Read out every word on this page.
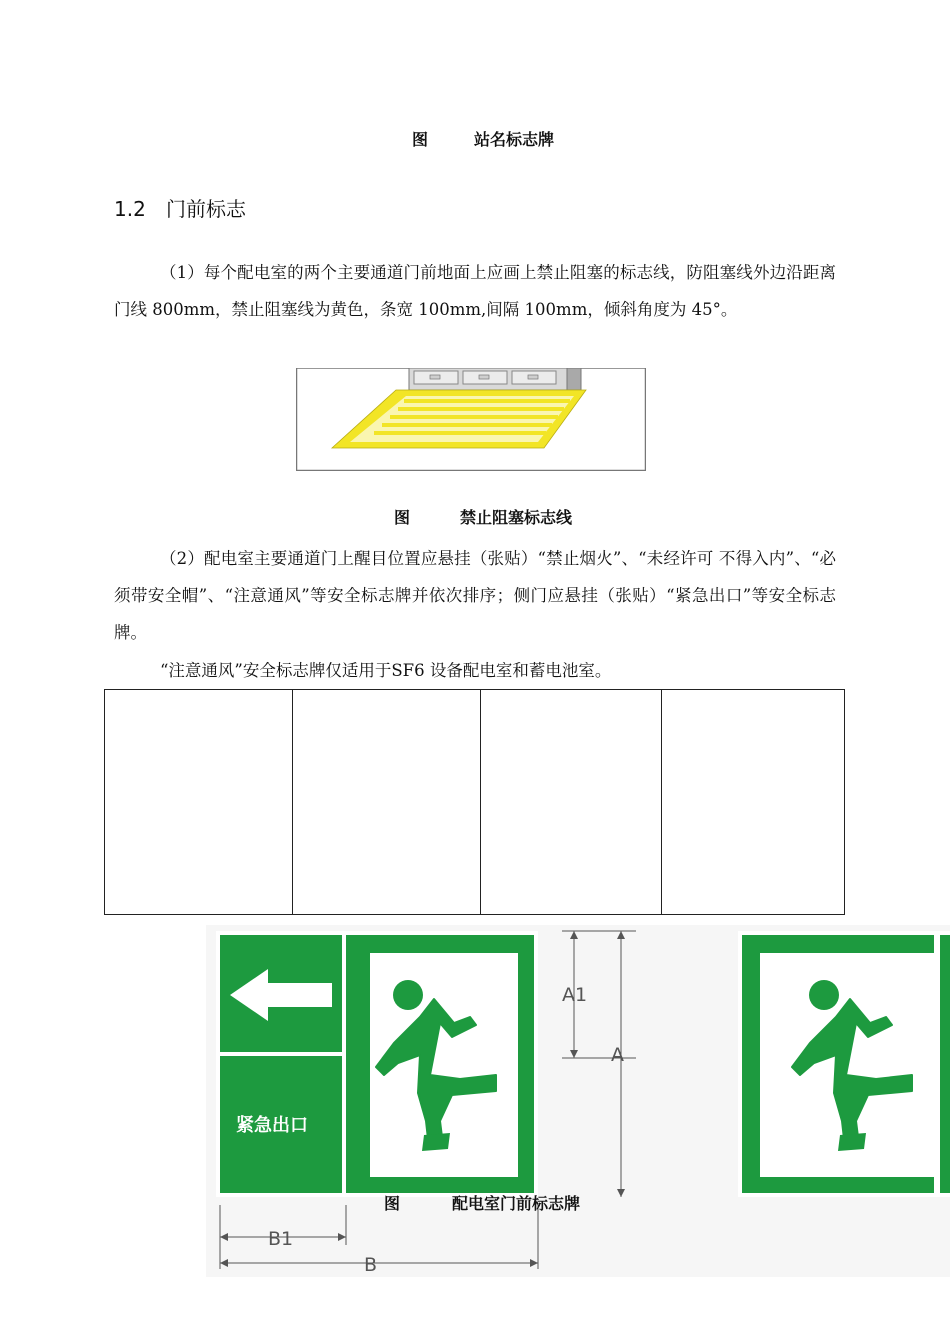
图	站名标志牌
1.2 门前标志

（1）每个配电室的两个主要通道门前地面上应画上禁止阻塞的标志线，防阻塞线外边沿距离门线 800mm，禁止阻塞线为黄色，条宽 100mm,间隔 100mm，倾斜角度为 45°。

图	禁止阻塞标志线

（2）配电室主要通道门上醒目位置应悬挂（张贴）“禁止烟火”、“未经许可 不得入内”、“必须带安全帽”、“注意通风”等安全标志牌并依次排序；侧门应悬挂（张贴）“紧急出口”等安全标志牌。

“注意通风”安全标志牌仅适用于SF6 设备配电室和蓄电池室。

紧急出口
A1
A
B1
B
图	配电室门前标志牌
